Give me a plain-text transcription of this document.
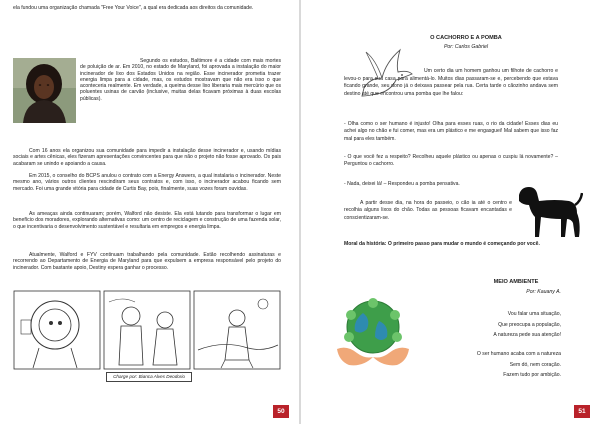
ela fundou uma organização chamada "Free Your Voice", a qual era dedicada aos direitos da comunidade.
Segundo os estudos, Baltimore é a cidade com mais mortes de poluição de ar. Em 2010, no estado de Maryland, foi aprovada a instalação do maior incinerador de lixo dos Estados Unidos na região. Esse incinerador prometia trazer energia limpa para a cidade, mas, os estudos mostravam que não era isso o que aconteceria realmente. Em verdade, a queima desse lixo liberaria mais mercúrio que os poluentes usinas de carvão (inclusive, muitas delas ficavam próximas à duas escolas públicas).
Com 16 anos ela organizou sua comunidade para impedir a instalação desse incinerador e, usando mídias sociais e artes cênicas, eles fizeram apresentações convincentes para que não o projeto não fosse aprovado. Os pais acabaram se unindo e apoiando a causa.
Em 2015, o conselho do BCPS anulou o contrato com a Energy Answers, a qual instalaria o incinerador. Neste mesmo ano, vários outros clientes rescindiram seus contratos e, com isso, o incinerador acabou ficando sem mercado. Foi uma grande vitória para cidade de Curtis Bay, pois, finalmente, suas vozes foram ouvidas.
As ameaças ainda continuaram; porém, Walford não desiste. Ela está lutando para transformar o lugar em benefício dos moradores, explorando alternativas como: um centro de reciclagem e construção de uma fazenda solar, o que incentivaria o desenvolvimento sustentável e resultaria em empregos e energia limpa.
Atualmente, Walford e FYV continuam trabalhando pela comunidade. Estão recolhendo assinaturas e recorrendo ao Departamento de Energia de Maryland para que expulsem a empresa responsável pelo projeto do incinerador. Com bastante apoio, Destiny espera ganhar o processo.
Charge por: Bianca Alves Deodorio
50
O CACHORRO E A POMBA
Por: Carlos Gabriel
Um certo dia um homem ganhou um filhote de cachorro e levou-o para sua casa para alimentá-lo. Muitos dias passaram-se e, percebendo que estava ficando grande, seu dono já o deixava passear pela rua. Certa tarde o cãozinho andava sem destino até que encontrou uma pomba que lhe falou:
- Olha como o ser humano é injusto! Olha para esses ruas, o rio da cidade! Esses dias eu achei algo no chão e fui comer, mas era um plástico e me engasguei! Mal sabem que isso faz mal para eles também.
- O que você fez a respeito? Recolheu aquele plástico ou apenas o cuspiu lá novamente? – Perguntou o cachorro.
- Nada, deixei lá! – Respondeu a pomba pensativa.
A partir desse dia, na hora do passeio, o cão ia até o centro e recolhia alguns lixos do chão. Todas as pessoas ficavam encantadas e conscientizaram-se.
Moral da história: O primeiro passo para mudar o mundo é começando por você.
MEIO AMBIENTE
Por: Kauany A.
Vou falar uma situação,
Que preocupa a população,
A natureza pede sua atenção!
O ser humano acaba com a natureza
Sem dó, nem coração.
Fazem tudo por ambição.
51
